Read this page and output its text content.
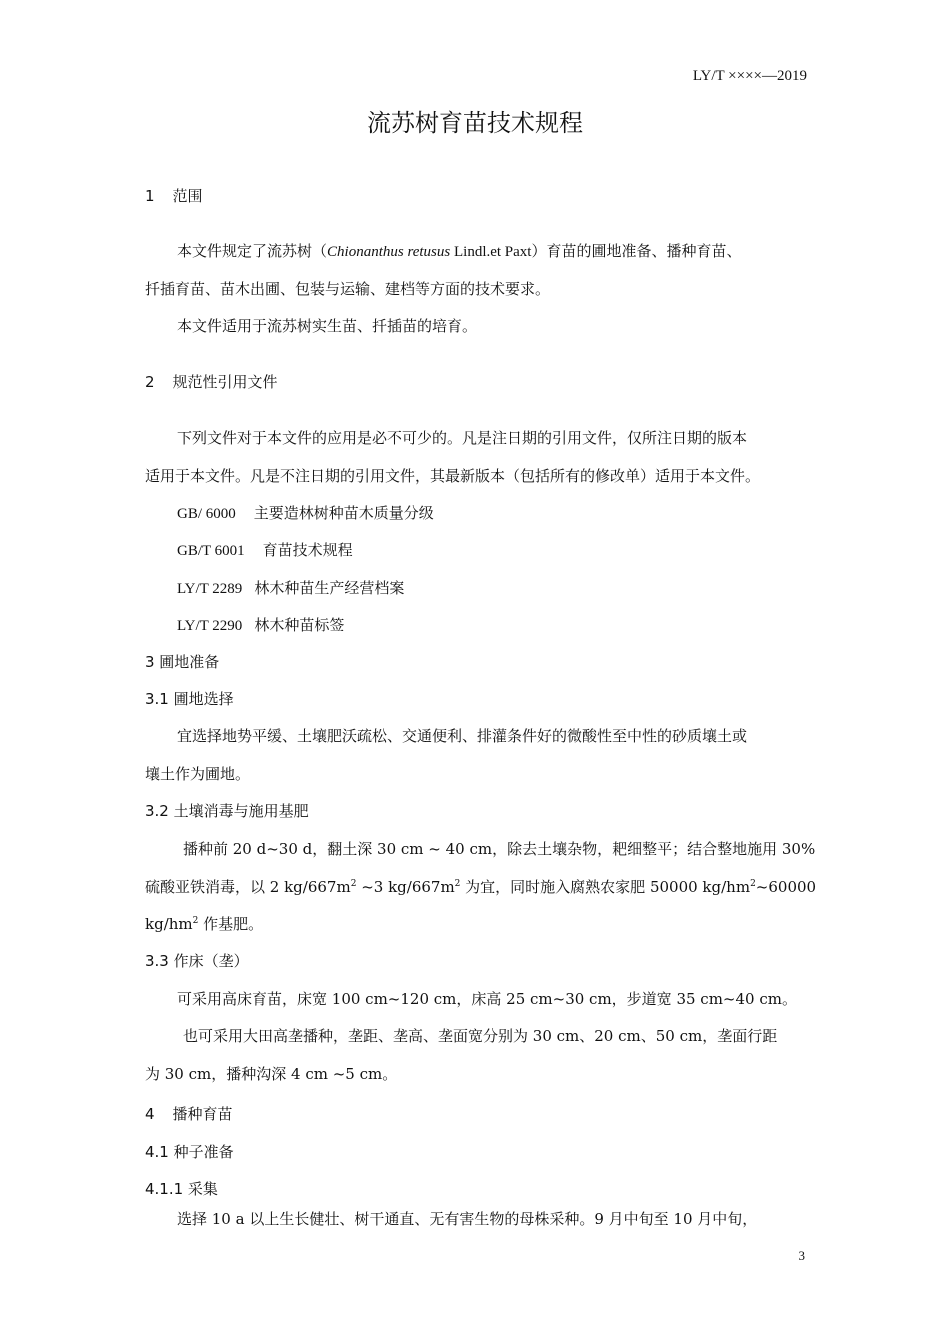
LY/T ××××—2019
流苏树育苗技术规程
1 范围
本文件规定了流苏树（Chionanthus retusus Lindl.et Paxt）育苗的圃地准备、播种育苗、
扦插育苗、苗木出圃、包装与运输、建档等方面的技术要求。
本文件适用于流苏树实生苗、扦插苗的培育。
2 规范性引用文件
下列文件对于本文件的应用是必不可少的。凡是注日期的引用文件，仅所注日期的版本
适用于本文件。凡是不注日期的引用文件，其最新版本（包括所有的修改单）适用于本文件。
GB/ 6000 主要造林树种苗木质量分级
GB/T 6001 育苗技术规程
LY/T 2289 林木种苗生产经营档案
LY/T 2290 林木种苗标签
3 圃地准备
3.1 圃地选择
宜选择地势平缓、土壤肥沃疏松、交通便利、排灌条件好的微酸性至中性的砂质壤土或
壤土作为圃地。
3.2 土壤消毒与施用基肥
播种前 20 d~30 d，翻土深 30 cm ~ 40 cm，除去土壤杂物，耙细整平；结合整地施用 30%
硫酸亚铁消毒，以 2 $kg/667m^2$ ~3 $kg/667m^2$ 为宜，同时施入腐熟农家肥 50000 $kg/hm^2\sim 60000$
$kg/hm^2$ 作基肥。
3.3 作床（垄）
可采用高床育苗，床宽 100 cm~120 cm，床高 25 cm~30 cm，步道宽 35 cm~40 cm。
也可采用大田高垄播种，垄距、垄高、垄面宽分别为 30 cm、20 cm、50 cm，垄面行距
为 30 cm，播种沟深 4 cm ~5 cm。
4 播种育苗
4.1 种子准备
4.1.1 采集
选择 10 a 以上生长健壮、树干通直、无有害生物的母株采种。9 月中旬至 10 月中旬，
3
